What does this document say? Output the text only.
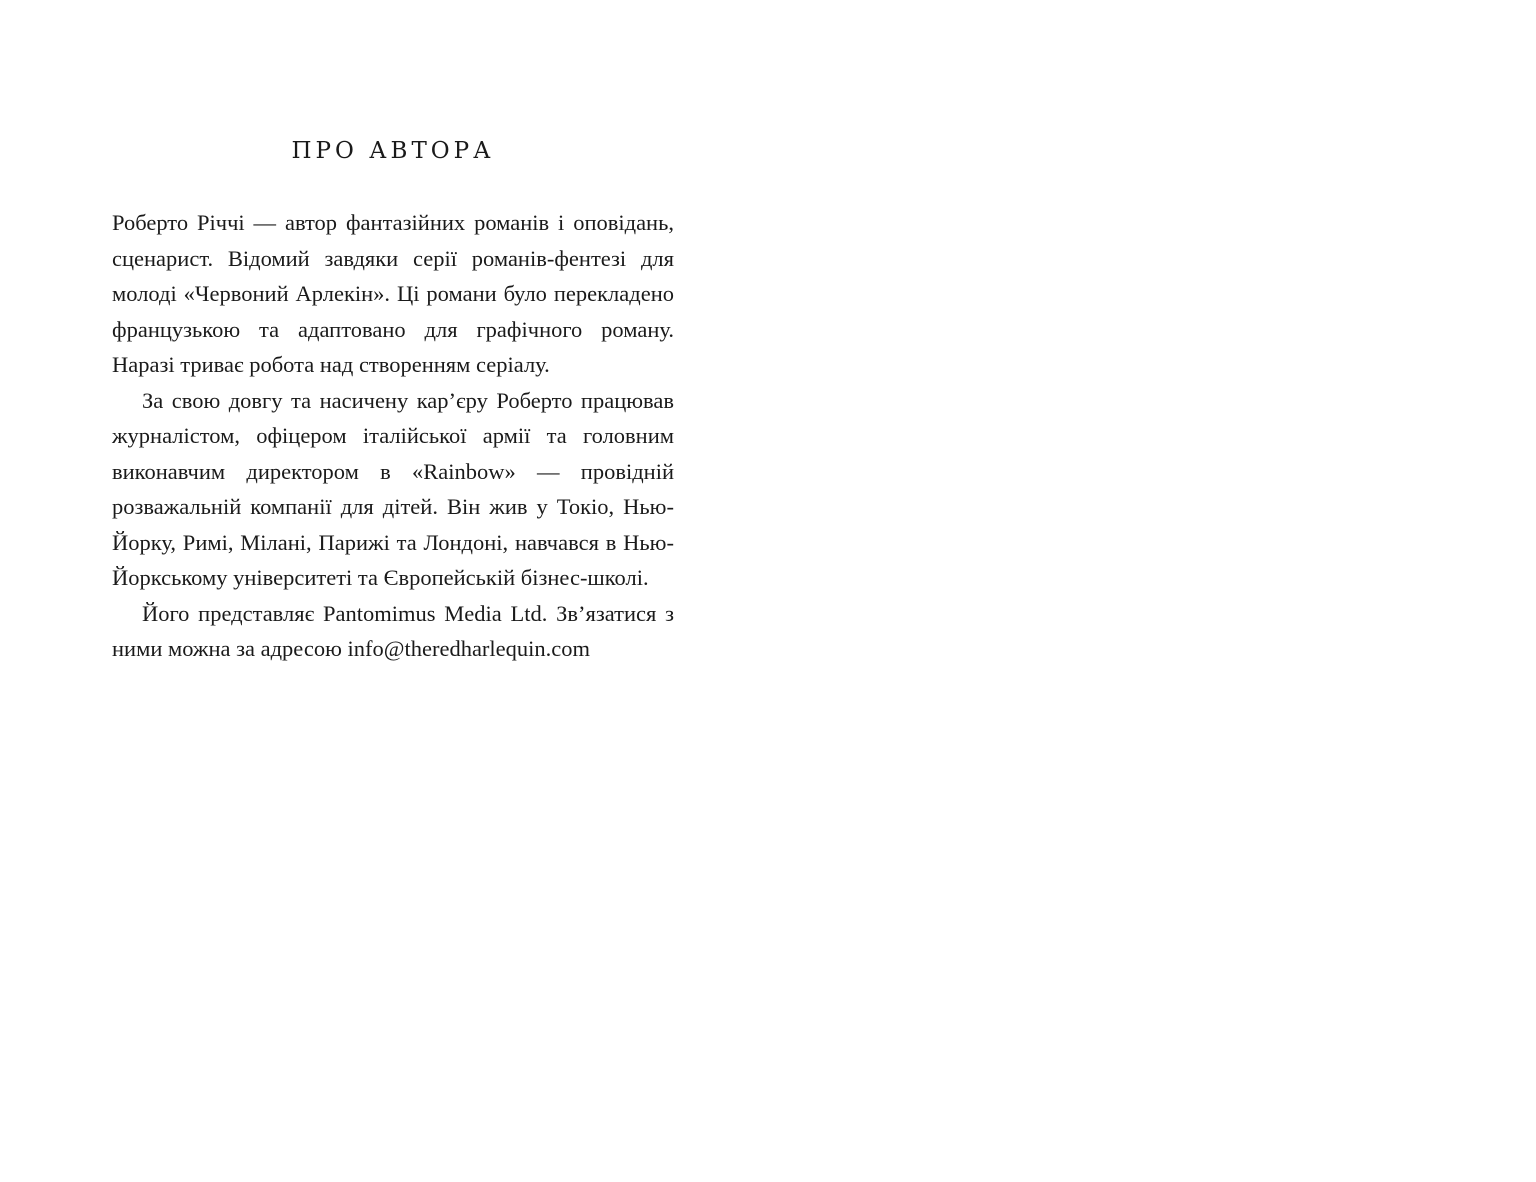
ПРО АВТОРА

Роберто Річчі — автор фантазійних романів і оповідань, сценарист. Відомий завдяки серії романів-фентезі для молоді «Червоний Арлекін». Ці романи було перекладено французькою та адаптовано для графічного роману. Наразі триває робота над створенням серіалу.

За свою довгу та насичену кар’єру Роберто працював журналістом, офіцером італійської армії та головним виконавчим директором в «Rainbow» — провідній розважальній компанії для дітей. Він жив у Токіо, Нью-Йорку, Римі, Мілані, Парижі та Лондоні, навчався в Нью-Йоркському університеті та Європейській бізнес-школі.

Його представляє Pantomimus Media Ltd. Зв’язатися з ними можна за адресою info@theredharlequin.com
